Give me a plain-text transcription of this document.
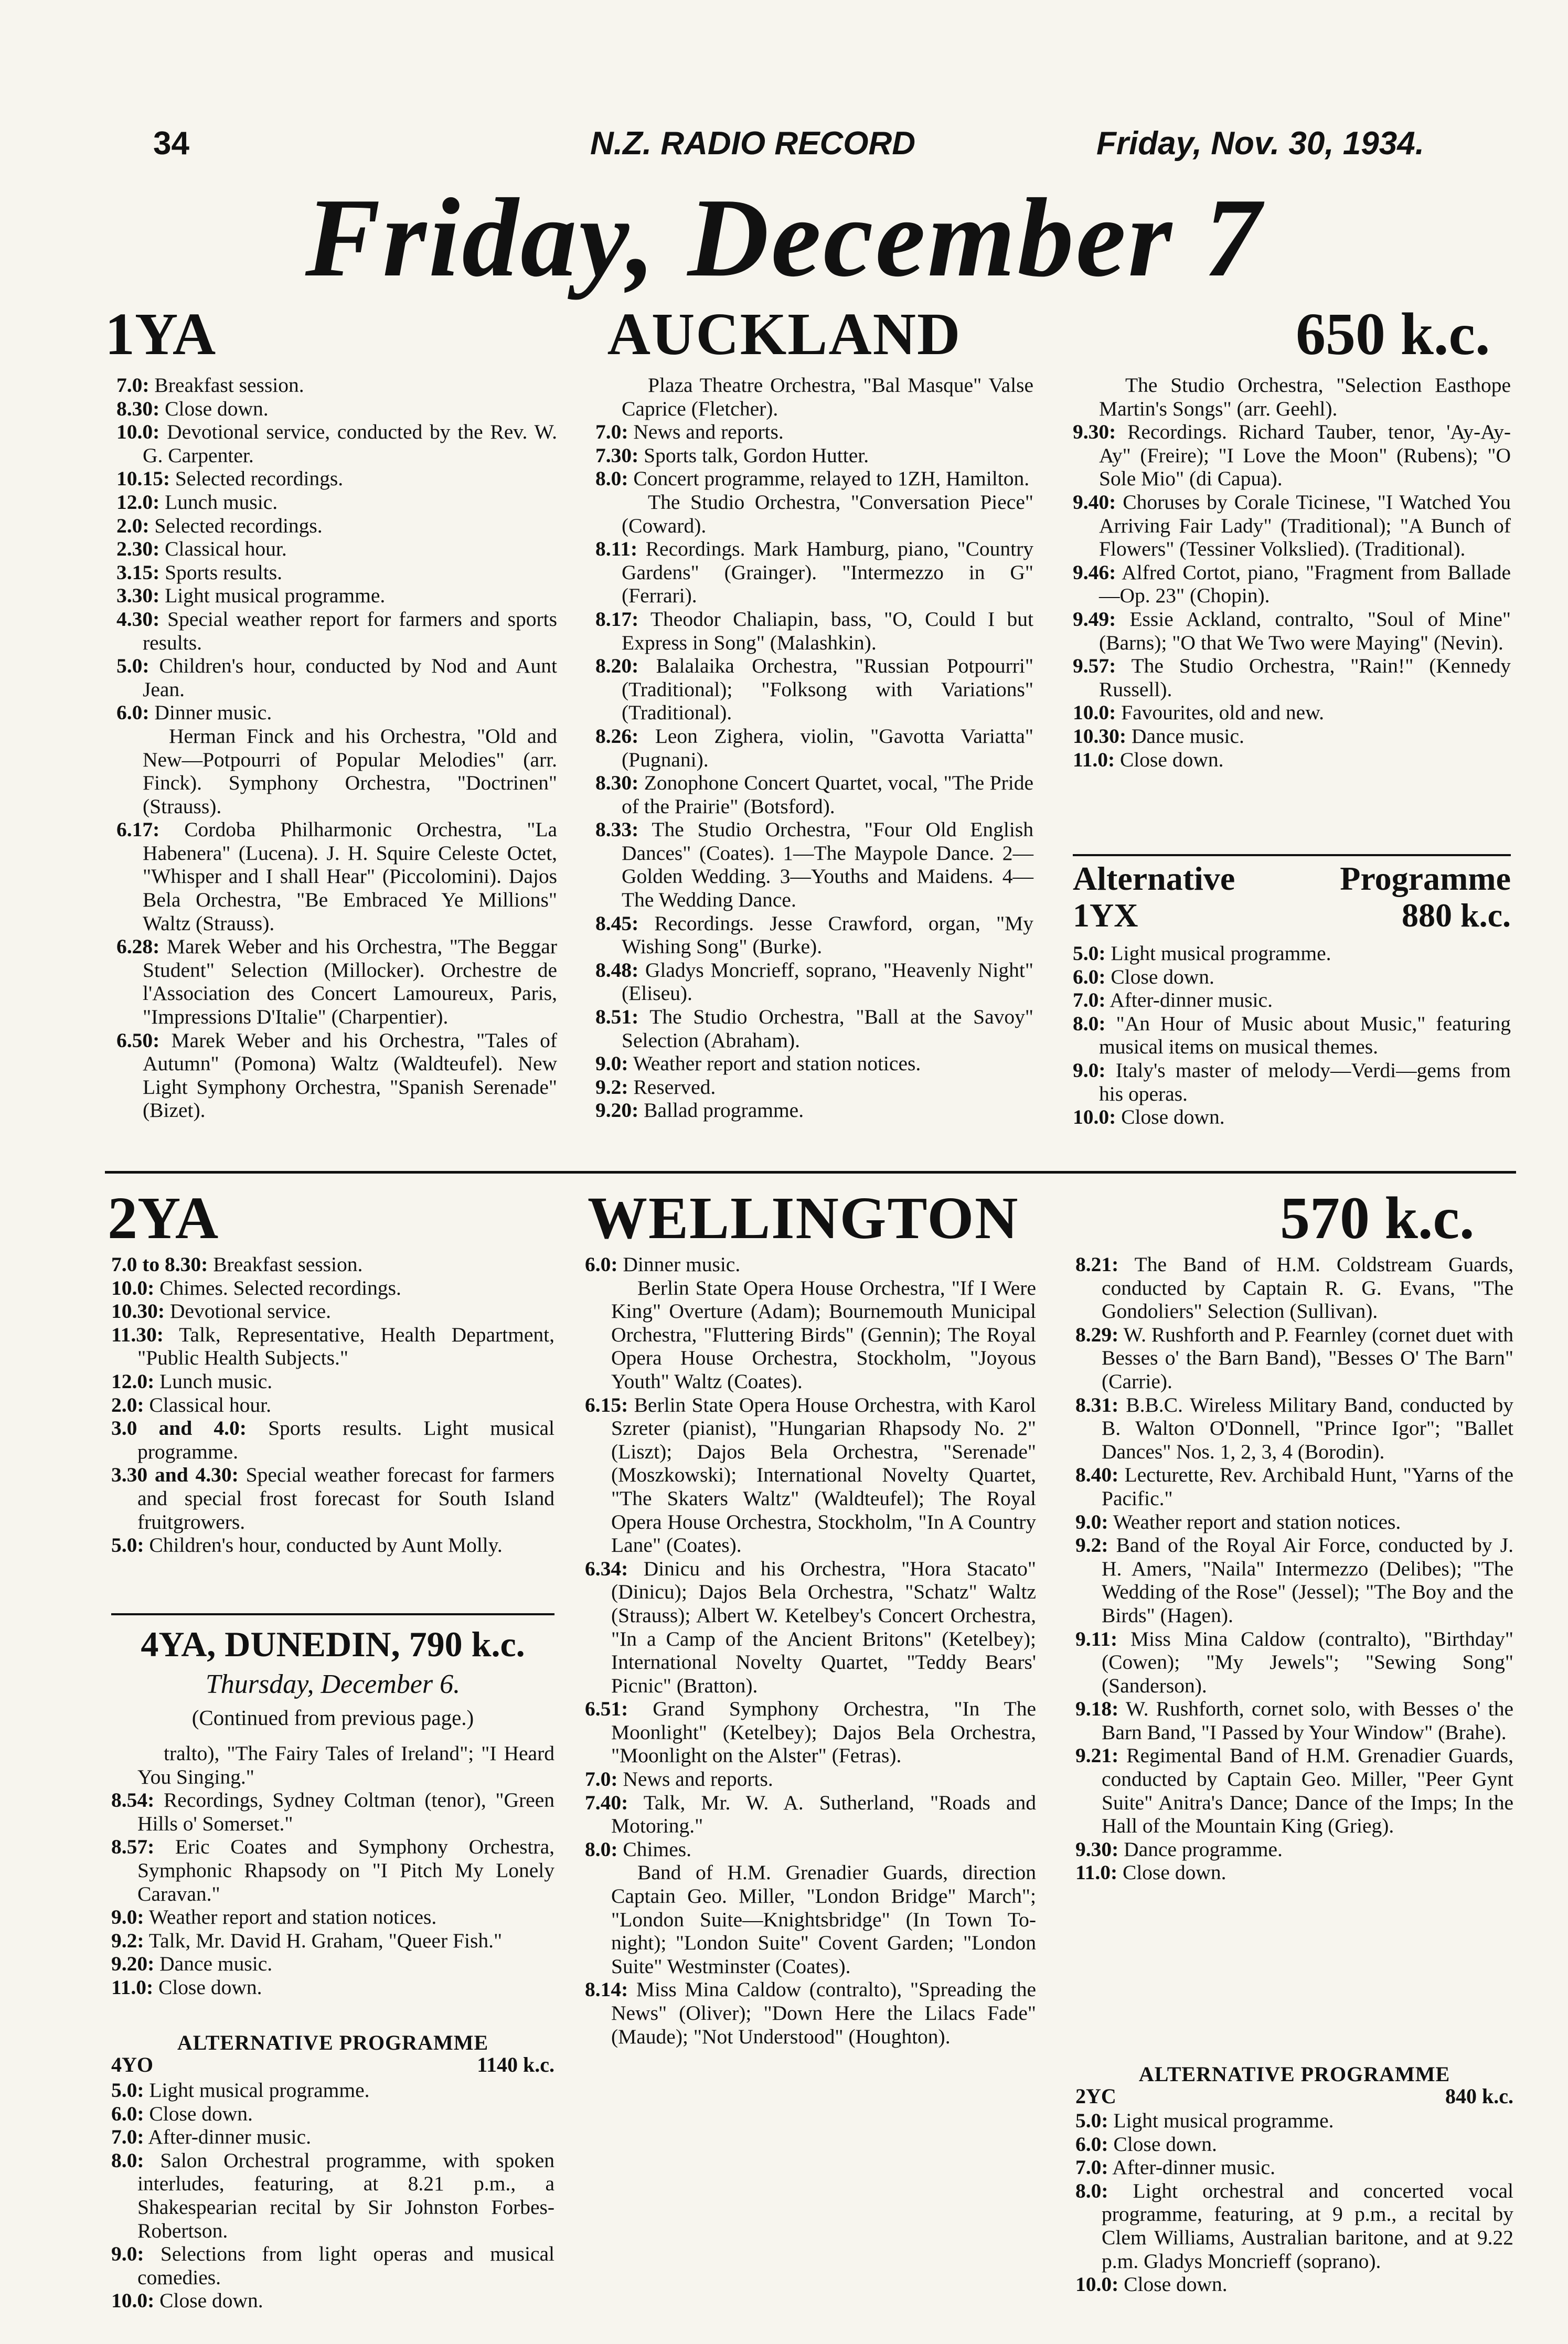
34	N.Z. RADIO RECORD	Friday, Nov. 30, 1934.
Friday, December 7
1YA	AUCKLAND	650 k.c.
7.0: Breakfast session.
8.30: Close down.
10.0: Devotional service, conducted by the Rev. W. G. Carpenter.
10.15: Selected recordings.
12.0: Lunch music.
2.0: Selected recordings.
2.30: Classical hour.
3.15: Sports results.
3.30: Light musical programme.
4.30: Special weather report for farmers and sports results.
5.0: Children's hour, conducted by Nod and Aunt Jean.
6.0: Dinner music.
Herman Finck and his Orchestra, "Old and New—Potpourri of Popular Melodies" (arr. Finck). Symphony Orchestra, "Doctrinen" (Strauss).
6.17: Cordoba Philharmonic Orchestra, "La Habenera" (Lucena). J. H. Squire Celeste Octet, "Whisper and I shall Hear" (Piccolomini). Dajos Bela Orchestra, "Be Embraced Ye Millions" Waltz (Strauss).
6.28: Marek Weber and his Orchestra, "The Beggar Student" Selection (Millocker). Orchestre de l'Association des Concert Lamoureux, Paris, "Impressions D'Italie" (Charpentier).
6.50: Marek Weber and his Orchestra, "Tales of Autumn" (Pomona) Waltz (Waldteufel). New Light Symphony Orchestra, "Spanish Serenade" (Bizet).
Plaza Theatre Orchestra, "Bal Masque" Valse Caprice (Fletcher).
7.0: News and reports.
7.30: Sports talk, Gordon Hutter.
8.0: Concert programme, relayed to 1ZH, Hamilton.
The Studio Orchestra, "Conversation Piece" (Coward).
8.11: Recordings. Mark Hamburg, piano, "Country Gardens" (Grainger). "Intermezzo in G" (Ferrari).
8.17: Theodor Chaliapin, bass, "O, Could I but Express in Song" (Malashkin).
8.20: Balalaika Orchestra, "Russian Potpourri" (Traditional); "Folksong with Variations" (Traditional).
8.26: Leon Zighera, violin, "Gavotta Variatta" (Pugnani).
8.30: Zonophone Concert Quartet, vocal, "The Pride of the Prairie" (Botsford).
8.33: The Studio Orchestra, "Four Old English Dances" (Coates). 1—The Maypole Dance. 2—Golden Wedding. 3—Youths and Maidens. 4—The Wedding Dance.
8.45: Recordings. Jesse Crawford, organ, "My Wishing Song" (Burke).
8.48: Gladys Moncrieff, soprano, "Heavenly Night" (Eliseu).
8.51: The Studio Orchestra, "Ball at the Savoy" Selection (Abraham).
9.0: Weather report and station notices.
9.2: Reserved.
9.20: Ballad programme.
The Studio Orchestra, "Selection Easthope Martin's Songs" (arr. Geehl).
9.30: Recordings. Richard Tauber, tenor, 'Ay-Ay-Ay" (Freire); "I Love the Moon" (Rubens); "O Sole Mio" (di Capua).
9.40: Choruses by Corale Ticinese, "I Watched You Arriving Fair Lady" (Traditional); "A Bunch of Flowers" (Tessiner Volkslied). (Traditional).
9.46: Alfred Cortot, piano, "Fragment from Ballade—Op. 23" (Chopin).
9.49: Essie Ackland, contralto, "Soul of Mine" (Barns); "O that We Two were Maying" (Nevin).
9.57: The Studio Orchestra, "Rain!" (Kennedy Russell).
10.0: Favourites, old and new.
10.30: Dance music.
11.0: Close down.
Alternative	Programme
1YX	880 k.c.
5.0: Light musical programme.
6.0: Close down.
7.0: After-dinner music.
8.0: "An Hour of Music about Music," featuring musical items on musical themes.
9.0: Italy's master of melody—Verdi—gems from his operas.
10.0: Close down.
2YA	WELLINGTON	570 k.c.
7.0 to 8.30: Breakfast session.
10.0: Chimes. Selected recordings.
10.30: Devotional service.
11.30: Talk, Representative, Health Department, "Public Health Subjects."
12.0: Lunch music.
2.0: Classical hour.
3.0 and 4.0: Sports results. Light musical programme.
3.30 and 4.30: Special weather forecast for farmers and special frost forecast for South Island fruitgrowers.
5.0: Children's hour, conducted by Aunt Molly.
6.0: Dinner music.
Berlin State Opera House Orchestra, "If I Were King" Overture (Adam); Bournemouth Municipal Orchestra, "Fluttering Birds" (Gennin); The Royal Opera House Orchestra, Stockholm, "Joyous Youth" Waltz (Coates).
6.15: Berlin State Opera House Orchestra, with Karol Szreter (pianist), "Hungarian Rhapsody No. 2" (Liszt); Dajos Bela Orchestra, "Serenade" (Moszkowski); International Novelty Quartet, "The Skaters Waltz" (Waldteufel); The Royal Opera House Orchestra, Stockholm, "In A Country Lane" (Coates).
6.34: Dinicu and his Orchestra, "Hora Stacato" (Dinicu); Dajos Bela Orchestra, "Schatz" Waltz (Strauss); Albert W. Ketelbey's Concert Orchestra, "In a Camp of the Ancient Britons" (Ketelbey); International Novelty Quartet, "Teddy Bears' Picnic" (Bratton).
6.51: Grand Symphony Orchestra, "In The Moonlight" (Ketelbey); Dajos Bela Orchestra, "Moonlight on the Alster" (Fetras).
7.0: News and reports.
7.40: Talk, Mr. W. A. Sutherland, "Roads and Motoring."
8.0: Chimes.
Band of H.M. Grenadier Guards, direction Captain Geo. Miller, "London Bridge" March"; "London Suite—Knightsbridge" (In Town To-night); "London Suite" Covent Garden; "London Suite" Westminster (Coates).
8.14: Miss Mina Caldow (contralto), "Spreading the News" (Oliver); "Down Here the Lilacs Fade" (Maude); "Not Understood" (Houghton).
8.21: The Band of H.M. Coldstream Guards, conducted by Captain R. G. Evans, "The Gondoliers" Selection (Sullivan).
8.29: W. Rushforth and P. Fearnley (cornet duet with Besses o' the Barn Band), "Besses O' The Barn" (Carrie).
8.31: B.B.C. Wireless Military Band, conducted by B. Walton O'Donnell, "Prince Igor"; "Ballet Dances" Nos. 1, 2, 3, 4 (Borodin).
8.40: Lecturette, Rev. Archibald Hunt, "Yarns of the Pacific."
9.0: Weather report and station notices.
9.2: Band of the Royal Air Force, conducted by J. H. Amers, "Naila" Intermezzo (Delibes); "The Wedding of the Rose" (Jessel); "The Boy and the Birds" (Hagen).
9.11: Miss Mina Caldow (contralto), "Birthday" (Cowen); "My Jewels"; "Sewing Song" (Sanderson).
9.18: W. Rushforth, cornet solo, with Besses o' the Barn Band, "I Passed by Your Window" (Brahe).
9.21: Regimental Band of H.M. Grenadier Guards, conducted by Captain Geo. Miller, "Peer Gynt Suite" Anitra's Dance; Dance of the Imps; In the Hall of the Mountain King (Grieg).
9.30: Dance programme.
11.0: Close down.
4YA, DUNEDIN, 790 k.c.
Thursday, December 6.
(Continued from previous page.)
tralto), "The Fairy Tales of Ireland"; "I Heard You Singing."
8.54: Recordings, Sydney Coltman (tenor), "Green Hills o' Somerset."
8.57: Eric Coates and Symphony Orchestra, Symphonic Rhapsody on "I Pitch My Lonely Caravan."
9.0: Weather report and station notices.
9.2: Talk, Mr. David H. Graham, "Queer Fish."
9.20: Dance music.
11.0: Close down.
ALTERNATIVE PROGRAMME
4YO	1140 k.c.
5.0: Light musical programme.
6.0: Close down.
7.0: After-dinner music.
8.0: Salon Orchestral programme, with spoken interludes, featuring, at 8.21 p.m., a Shakespearian recital by Sir Johnston Forbes-Robertson.
9.0: Selections from light operas and musical comedies.
10.0: Close down.
ALTERNATIVE PROGRAMME
2YC	840 k.c.
5.0: Light musical programme.
6.0: Close down.
7.0: After-dinner music.
8.0: Light orchestral and concerted vocal programme, featuring, at 9 p.m., a recital by Clem Williams, Australian baritone, and at 9.22 p.m. Gladys Moncrieff (soprano).
10.0: Close down.
